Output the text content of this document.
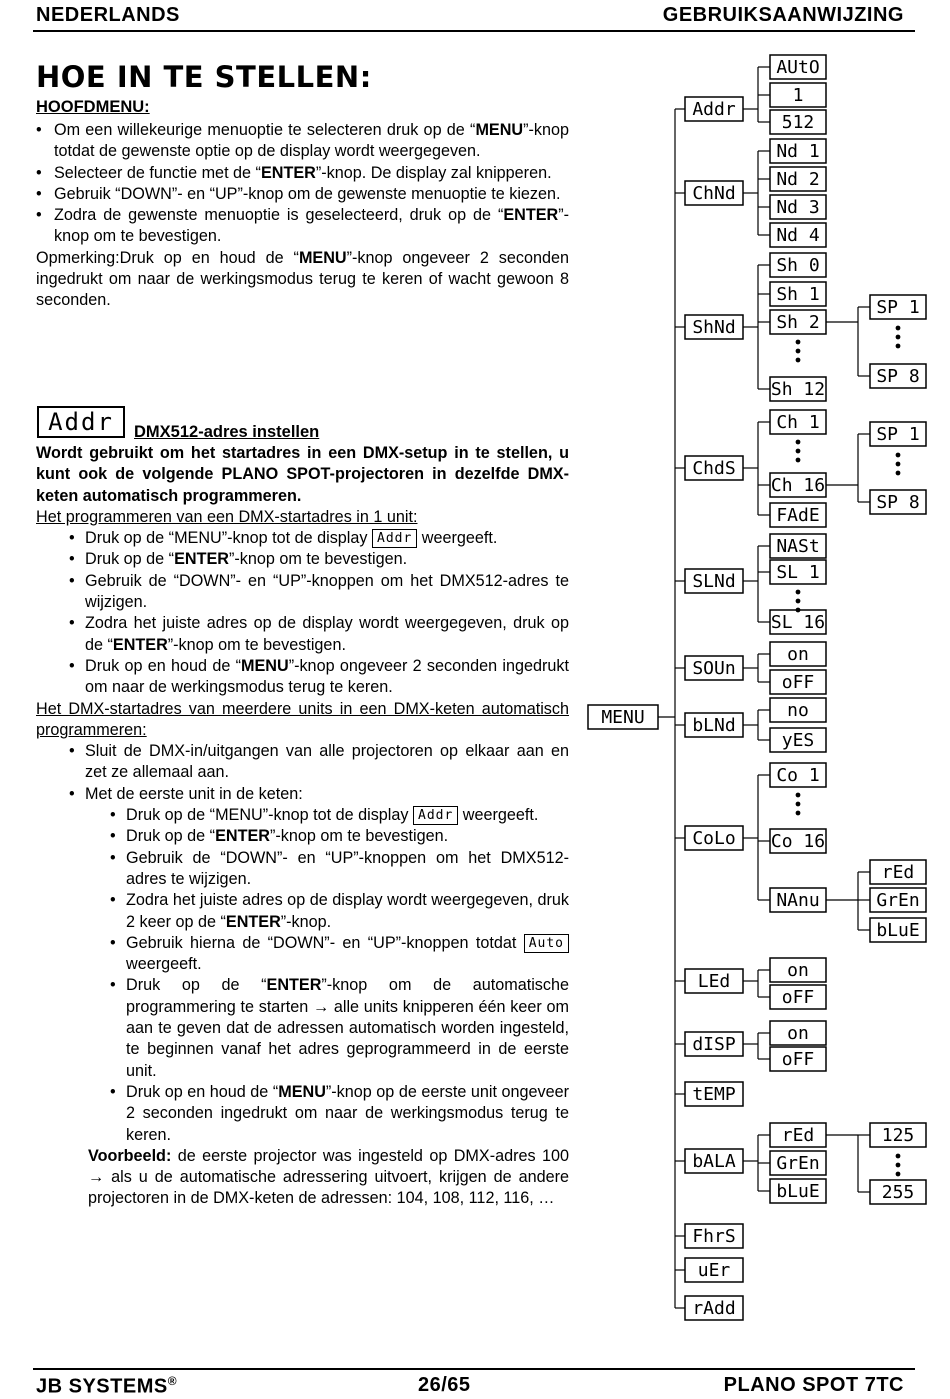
NEDERLANDS	GEBRUIKSAANWIJZING
HOE IN TE STELLEN:
HOOFDMENU:
• Om een willekeurige menuoptie te selecteren druk op de “MENU”-knop totdat de gewenste optie op de display wordt weergegeven.
• Selecteer de functie met de “ENTER”-knop. De display zal knipperen.
• Gebruik “DOWN”- en “UP”-knop om de gewenste menuoptie te kiezen.
• Zodra de gewenste menuoptie is geselecteerd, druk op de “ENTER”-knop om te bevestigen.

Opmerking:Druk op en houd de “MENU”-knop ongeveer 2 seconden ingedrukt om naar de werkingsmodus terug te keren of wacht gewoon 8 seconden.

Addr	DMX512-adres instellen

Wordt gebruikt om het startadres in een DMX-setup in te stellen, u kunt ook de volgende PLANO SPOT-projectoren in dezelfde DMX-keten automatisch programmeren.

Het programmeren van een DMX-startadres in 1 unit:

• Druk op de “MENU”-knop tot de display Addr weergeeft.
• Druk op de “ENTER”-knop om te bevestigen.
• Gebruik de “DOWN”- en “UP”-knoppen om het DMX512-adres te wijzigen.
• Zodra het juiste adres op de display wordt weergegeven, druk op de “ENTER”-knop om te bevestigen.
• Druk op en houd de “MENU”-knop ongeveer 2 seconden ingedrukt om naar de werkingsmodus terug te keren.

Het DMX-startadres van meerdere units in een DMX-keten automatisch programmeren:

• Sluit de DMX-in/uitgangen van alle projectoren op elkaar aan en zet ze allemaal aan.
• Met de eerste unit in de keten:
• Druk op de “MENU”-knop tot de display Addr weergeeft.
• Druk op de “ENTER”-knop om te bevestigen.
• Gebruik de “DOWN”- en “UP”-knoppen om het DMX512-adres te wijzigen.
• Zodra het juiste adres op de display wordt weergegeven, druk 2 keer op de “ENTER”-knop.
• Gebruik hierna de “DOWN”- en “UP”-knoppen totdat Auto weergeeft.
• Druk op de “ENTER”-knop om de automatische programmering te starten → alle units knipperen één keer om aan te geven dat de adressen automatisch worden ingesteld, te beginnen vanaf het adres geprogrammeerd in de eerste unit.
• Druk op en houd de “MENU”-knop op de eerste unit ongeveer 2 seconden ingedrukt om naar de werkingsmodus terug te keren.

Voorbeeld: de eerste projector was ingesteld op DMX-adres 100 → als u de automatische adressering uitvoert, krijgen de andere projectoren in de DMX-keten de adressen: 104, 108, 112, 116, …

MENU
Addr
ChNd
ShNd
ChdS
SLNd
SOUn
bLNd
CoLo
LEd
dISP
tEMP
bALA
FhrS
uEr
rAdd
AUtO
1
512
Nd 1
Nd 2
Nd 3
Nd 4
Sh 0
Sh 1
Sh 2
Sh 12
Ch 1
Ch 16
FAdE
NASt
SL 1
SL 16
on
oFF
no
yES
Co 1
Co 16
NAnu
on
oFF
on
oFF
rEd
GrEn
bLuE
SP 1
SP 8
SP 1
SP 8
rEd
GrEn
bLuE
125
255
JB SYSTEMS®	26/65	PLANO SPOT 7TC
